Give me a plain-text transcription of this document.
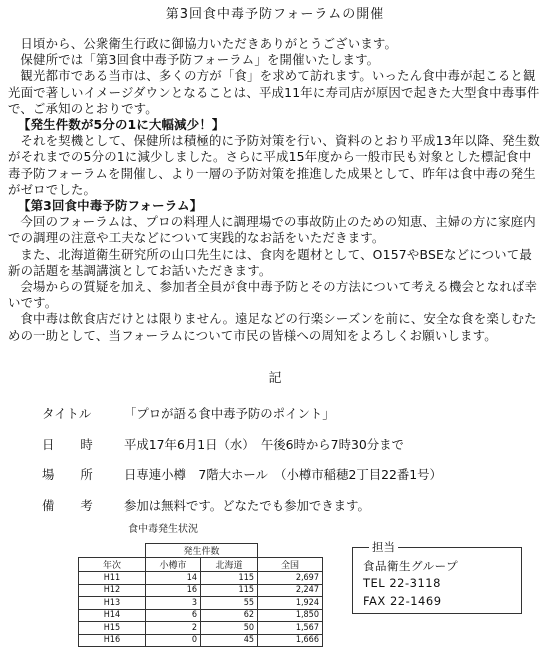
第3回食中毒予防フォーラムの開催

日頃から、公衆衛生行政に御協力いただきありがとうございます。

保健所では「第3回食中毒予防フォーラム」を開催いたします。

観光都市である当市は、多くの方が「食」を求めて訪れます。いったん食中毒が起こると観光面で著しいイメージダウンとなることは、平成11年に寿司店が原因で起きた大型食中毒事件で、ご承知のとおりです。

【発生件数が5分の1に大幅減少！】

それを契機として、保健所は積極的に予防対策を行い、資料のとおり平成13年以降、発生数がそれまでの5分の1に減少しました。さらに平成15年度から一般市民も対象とした標記食中毒予防フォーラムを開催し、より一層の予防対策を推進した成果として、昨年は食中毒の発生がゼロでした。

【第3回食中毒予防フォーラム】

今回のフォーラムは、プロの料理人に調理場での事故防止のための知恵、主婦の方に家庭内での調理の注意や工夫などについて実践的なお話をいただきます。

また、北海道衛生研究所の山口先生には、食肉を題材として、O157やBSEなどについて最新の話題を基調講演としてお話いただきます。

会場からの質疑を加え、参加者全員が食中毒予防とその方法について考える機会となれば幸いです。

食中毒は飲食店だけとは限りません。遠足などの行楽シーズンを前に、安全な食を楽しむための一助として、当フォーラムについて市民の皆様への周知をよろしくお願いします。

記
タイトル	「プロが語る食中毒予防のポイント」
日時 平成17年6月1日（水）　午後6時から7時30分まで
場所 日専連小樽　7階大ホール　（小樽市稲穂2丁目22番1号）
備考 参加は無料です。どなたでも参加できます。
食中毒発生状況
	発生件数		
年次	小樽市	北海道	全国
H11	14	115	2,697
H12	16	115	2,247
H13	3	55	1,924
H14	6	62	1,850
H15	2	50	1,567
H16	0	45	1,666
担当
食品衛生グループ
TEL 22-3118
FAX 22-1469
